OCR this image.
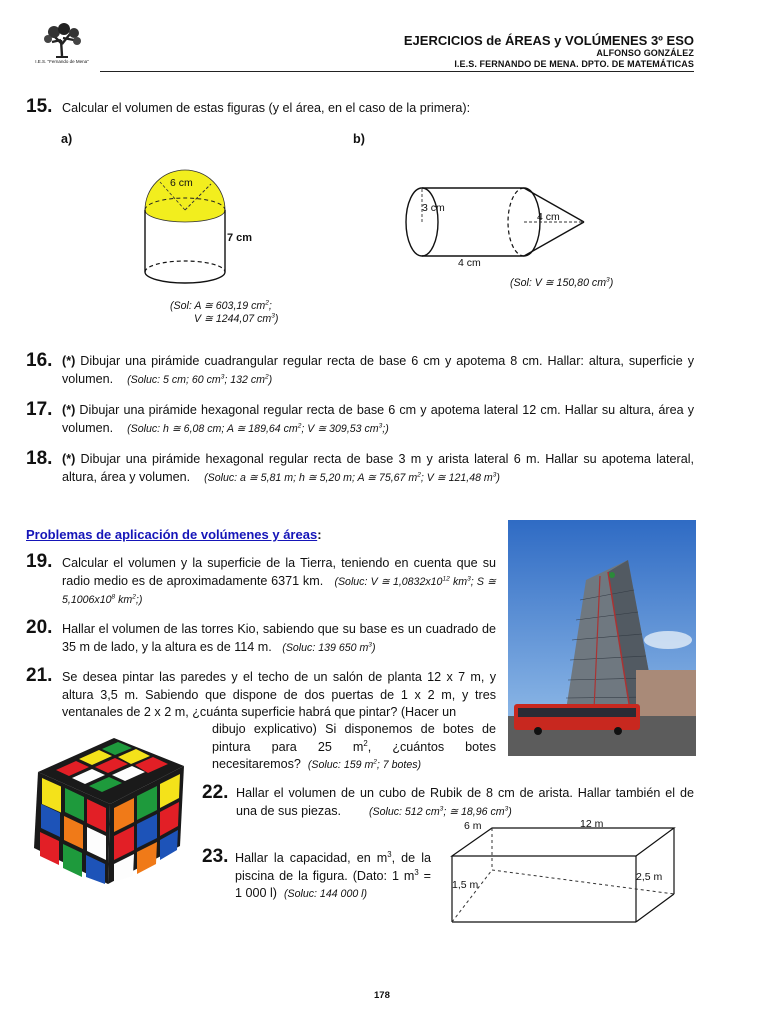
I.E.S. "Fernando de Mena"
EJERCICIOS de ÁREAS y VOLÚMENES 3º ESO
ALFONSO GONZÁLEZ
I.E.S. FERNANDO DE MENA. DPTO. DE MATEMÁTICAS
15. Calcular el volumen de estas figuras (y el área, en el caso de la primera):
a)	b)
6 cm
7 cm
(Sol: A ≅ 603,19 $cm^2$;
V ≅ 1244,07 $cm^3$)
3 cm
4 cm
4 cm
(Sol: V ≅ 150,80 $cm^3$)
16. (*) Dibujar una pirámide cuadrangular regular recta de base 6 cm y apotema 8 cm. Hallar: altura, superficie y volumen. (Soluc: 5 cm; 60 $cm^3$; 132 $cm^2$)
17. (*) Dibujar una pirámide hexagonal regular recta de base 6 cm y apotema lateral 12 cm. Hallar su altura, área y volumen. (Soluc: h ≅ 6,08 cm; A ≅ 189,64 $cm^2$; V ≅ 309,53 $cm^3$;)
18. (*) Dibujar una pirámide hexagonal regular recta de base 3 m y arista lateral 6 m. Hallar su apotema lateral, altura, área y volumen. (Soluc: a ≅ 5,81 m; h ≅ 5,20 m; A ≅ 75,67 $m^2$; V ≅ 121,48 $m^3$)
Problemas de aplicación de volúmenes y áreas:
19. Calcular el volumen y la superficie de la Tierra, teniendo en cuenta que su radio medio es de aproximadamente 6371 km. (Soluc: V ≅ $1,0832x10^{12}$ $km^3$; S ≅ $5,1006x10^8$ $km^2$;)
20. Hallar el volumen de las torres Kio, sabiendo que su base es un cuadrado de 35 m de lado, y la altura es de 114 m. (Soluc: 139 650 $m^3$)
21. Se desea pintar las paredes y el techo de un salón de planta 12 x 7 m, y altura 3,5 m. Sabiendo que dispone de dos puertas de 1 x 2 m, y tres ventanales de 2 x 2 m, ¿cuánta superficie habrá que pintar? (Hacer un
dibujo explicativo) Si disponemos de botes de pintura para 25 $m^2$, ¿cuántos botes necesitaremos? (Soluc: 159 $m^2$; 7 botes)
22. Hallar el volumen de un cubo de Rubik de 8 cm de arista. Hallar también el de una de sus piezas.	(Soluc: 512 $cm^3$; ≅ 18,96 $cm^3$)
23. Hallar la capacidad, en $m^3$, de la piscina de la figura. (Dato: 1 $m^3 = 1$ 000 l) (Soluc: 144 000 l)
6 m	12 m
1,5 m
2,5 m
178
